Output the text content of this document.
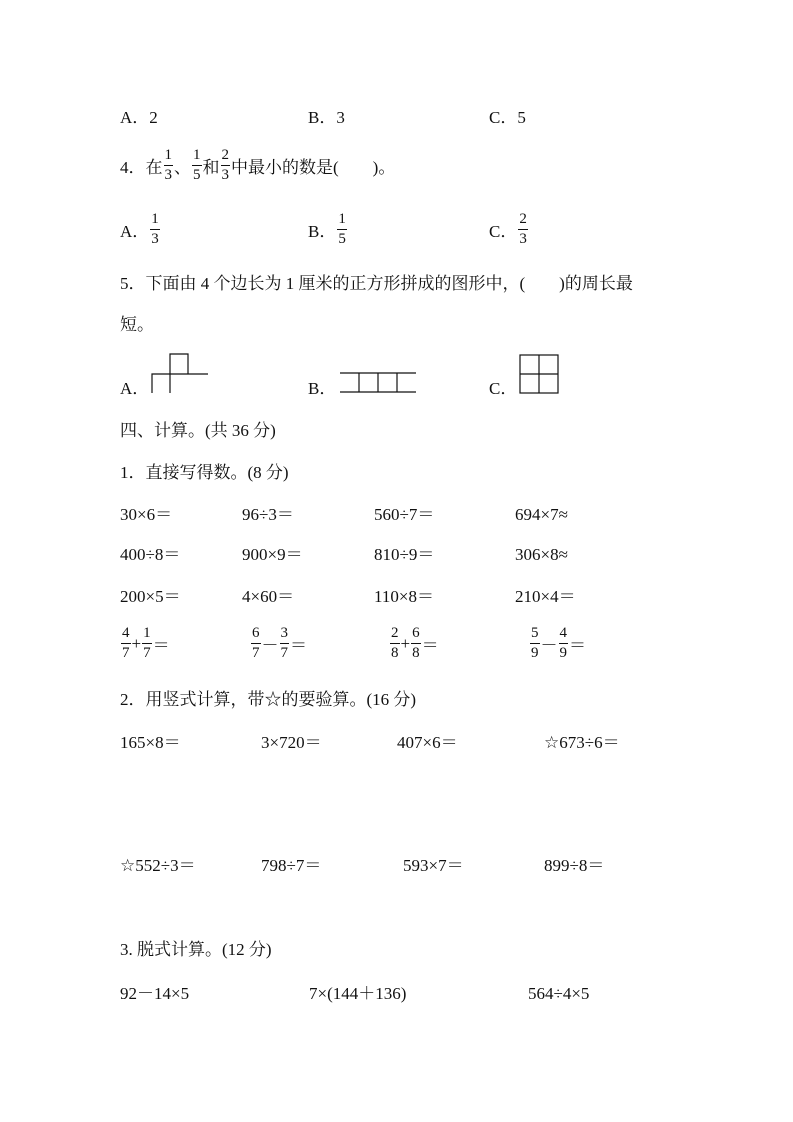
A．2	B．3	C．5
4． 在 $\frac{1}{3}$ 、 $\frac{1}{5}$ 和 $\frac{2}{3}$ 中最小的数是(　　)。
A． $\frac{1}{3}$	B． $\frac{1}{5}$	C． $\frac{2}{3}$
5．下面由 4 个边长为 1 厘米的正方形拼成的图形中，(　　)的周长最
短。
A．	B．	C．
四、计算。(共 36 分)
1．直接写得数。(8 分)
30×6＝	96÷3＝	560÷7＝	694×7≈
400÷8＝	900×9＝	810÷9＝	306×8≈
200×5＝	4×60＝	110×8＝	210×4＝
$\frac{4}{7} + \frac{1}{7}$ ＝	$\frac{6}{7} - \frac{3}{7}$ ＝	$\frac{2}{8} + \frac{6}{8}$ ＝	$\frac{5}{9} - \frac{4}{9}$ ＝
2．用竖式计算，带☆的要验算。(16 分)
165×8＝	3×720＝	407×6＝	☆673÷6＝
☆552÷3＝	798÷7＝	593×7＝	899÷8＝
3. 脱式计算。(12 分)
92－14×5	7×(144＋136)	564÷4×5
